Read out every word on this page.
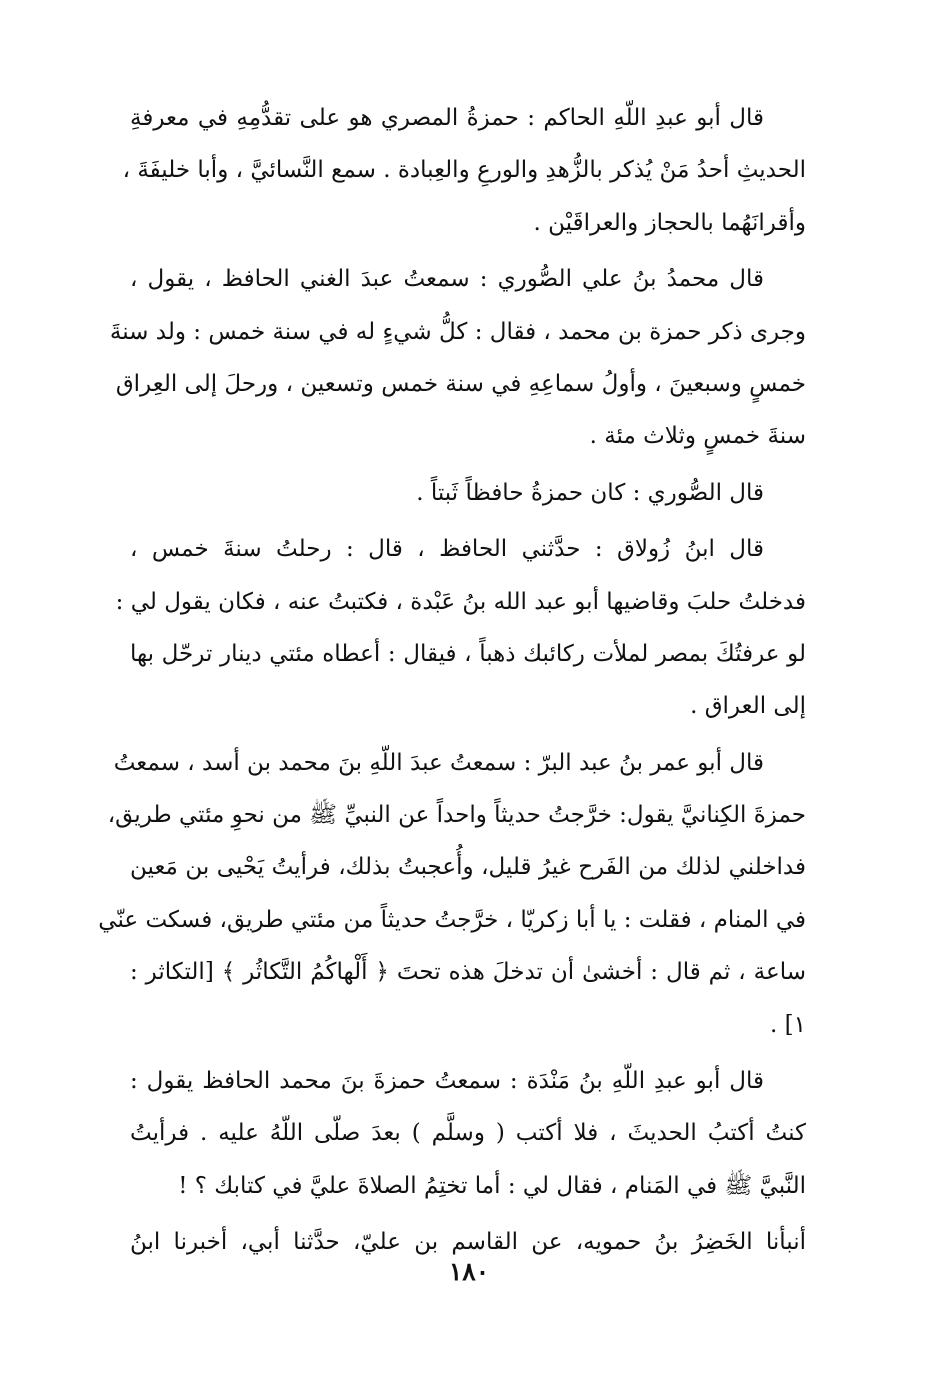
قال أبو عبدِ اللّهِ الحاكم : حمزةُ المصري هو على تقدُّمِهِ في معرفةِ
الحديثِ أحدُ مَنْ يُذكر بالزُّهدِ والورعِ والعِبادة . سمع النَّسائيَّ ، وأبا خليفَةَ ،
وأقرانَهُما بالحجاز والعراقَيْن .
قال محمدُ بنُ علي الصُّوري : سمعتُ عبدَ الغني الحافظ ، يقول ،
وجرى ذكر حمزة بن محمد ، فقال : كلُّ شيءٍ له في سنة خمس : ولد سنةَ
خمسٍ وسبعينَ ، وأولُ سماعِهِ في سنة خمس وتسعين ، ورحلَ إلى العِراق
سنةَ خمسٍ وثلاث مئة .
قال الصُّوري : كان حمزةُ حافظاً ثَبتاً .
قال ابنُ زُولاق : حدَّثني الحافظ ، قال : رحلتُ سنةَ خمس ،
فدخلتُ حلبَ وقاضيها أبو عبد الله بنُ عَبْدة ، فكتبتُ عنه ، فكان يقول لي :
لو عرفتُكَ بمصر لملأت ركائبك ذهباً ، فيقال : أعطاه مئتي دينار ترحّل بها
إلى العراق .
قال أبو عمر بنُ عبد البرّ : سمعتُ عبدَ اللّهِ بنَ محمد بن أسد ، سمعتُ
حمزةَ الكِنانيَّ يقول: خرَّجتُ حديثاً واحداً عن النبيِّ ﷺ من نحوِ مئتي طريق،
فداخلني لذلك من الفَرح غيرُ قليل، وأُعجبتُ بذلك، فرأيتُ يَحْيى بن مَعين
في المنام ، فقلت : يا أبا زكريّا ، خرَّجتُ حديثاً من مئتي طريق، فسكت عنّي
ساعة ، ثم قال : أخشىٰ أن تدخلَ هذه تحتَ ﴿ أَلْهاكُمُ التَّكاثُر ﴾ [التكاثر :
١] .
قال أبو عبدِ اللّهِ بنُ مَنْدَة : سمعتُ حمزةَ بنَ محمد الحافظ يقول :
كنتُ أكتبُ الحديثَ ، فلا أكتب ( وسلَّم ) بعدَ صلّى اللّهُ عليه . فرأيتُ
النَّبيَّ ﷺ في المَنام ، فقال لي : أما تختِمُ الصلاةَ عليَّ في كتابك ؟ !
أنبأنا الخَضِرُ بنُ حمويه، عن القاسم بن عليّ، حدَّثنا أبي، أخبرنا ابنُ
١٨٠
